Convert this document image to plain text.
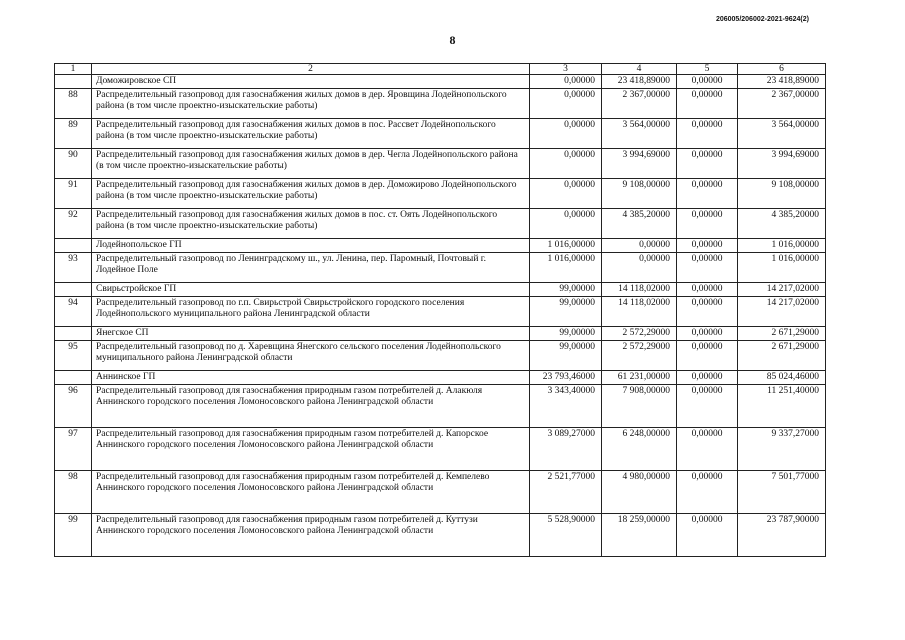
206005/206002-2021-9624(2)
8
1	2	3	4	5	6
	Доможировское СП	0,00000	23 418,89000	0,00000	23 418,89000
88	Распределительный газопровод для газоснабжения жилых домов в дер. Яровщина Лодейнопольского района (в том числе проектно-изыскательские работы)	0,00000	2 367,00000	0,00000	2 367,00000
89	Распределительный газопровод для газоснабжения жилых домов в пос. Рассвет Лодейнопольского района (в том числе проектно-изыскательские работы)	0,00000	3 564,00000	0,00000	3 564,00000
90	Распределительный газопровод для газоснабжения жилых домов в дер. Чегла Лодейнопольского района (в том числе проектно-изыскательские работы)	0,00000	3 994,69000	0,00000	3 994,69000
91	Распределительный газопровод для газоснабжения жилых домов в дер. Доможирово Лодейнопольского района (в том числе проектно-изыскательские работы)	0,00000	9 108,00000	0,00000	9 108,00000
92	Распределительный газопровод для газоснабжения жилых домов в пос. ст. Оять Лодейнопольского района (в том числе проектно-изыскательские работы)	0,00000	4 385,20000	0,00000	4 385,20000
	Лодейнопольское ГП	1 016,00000	0,00000	0,00000	1 016,00000
93	Распределительный газопровод по Ленинградскому ш., ул. Ленина, пер. Паромный, Почтовый г. Лодейное Поле	1 016,00000	0,00000	0,00000	1 016,00000
	Свирьстройское ГП	99,00000	14 118,02000	0,00000	14 217,02000
94	Распределительный газопровод по г.п. Свирьстрой Свирьстройского городского поселения Лодейнопольского муниципального района Ленинградской области	99,00000	14 118,02000	0,00000	14 217,02000
	Янегское СП	99,00000	2 572,29000	0,00000	2 671,29000
95	Распределительный газопровод по д. Харевщина Янегского сельского поселения Лодейнопольского муниципального района Ленинградской области	99,00000	2 572,29000	0,00000	2 671,29000
	Аннинское ГП	23 793,46000	61 231,00000	0,00000	85 024,46000
96	Распределительный газопровод для газоснабжения природным газом потребителей д. Алакюля Аннинского городского поселения Ломоносовского района Ленинградской области	3 343,40000	7 908,00000	0,00000	11 251,40000
97	Распределительный газопровод для газоснабжения природным газом потребителей д. Капорское Аннинского городского поселения Ломоносовского района Ленинградской области	3 089,27000	6 248,00000	0,00000	9 337,27000
98	Распределительный газопровод для газоснабжения природным газом потребителей д. Кемпелево Аннинского городского поселения Ломоносовского района Ленинградской области	2 521,77000	4 980,00000	0,00000	7 501,77000
99	Распределительный газопровод для газоснабжения природным газом потребителей д. Куттузи Аннинского городского поселения Ломоносовского района Ленинградской области	5 528,90000	18 259,00000	0,00000	23 787,90000
